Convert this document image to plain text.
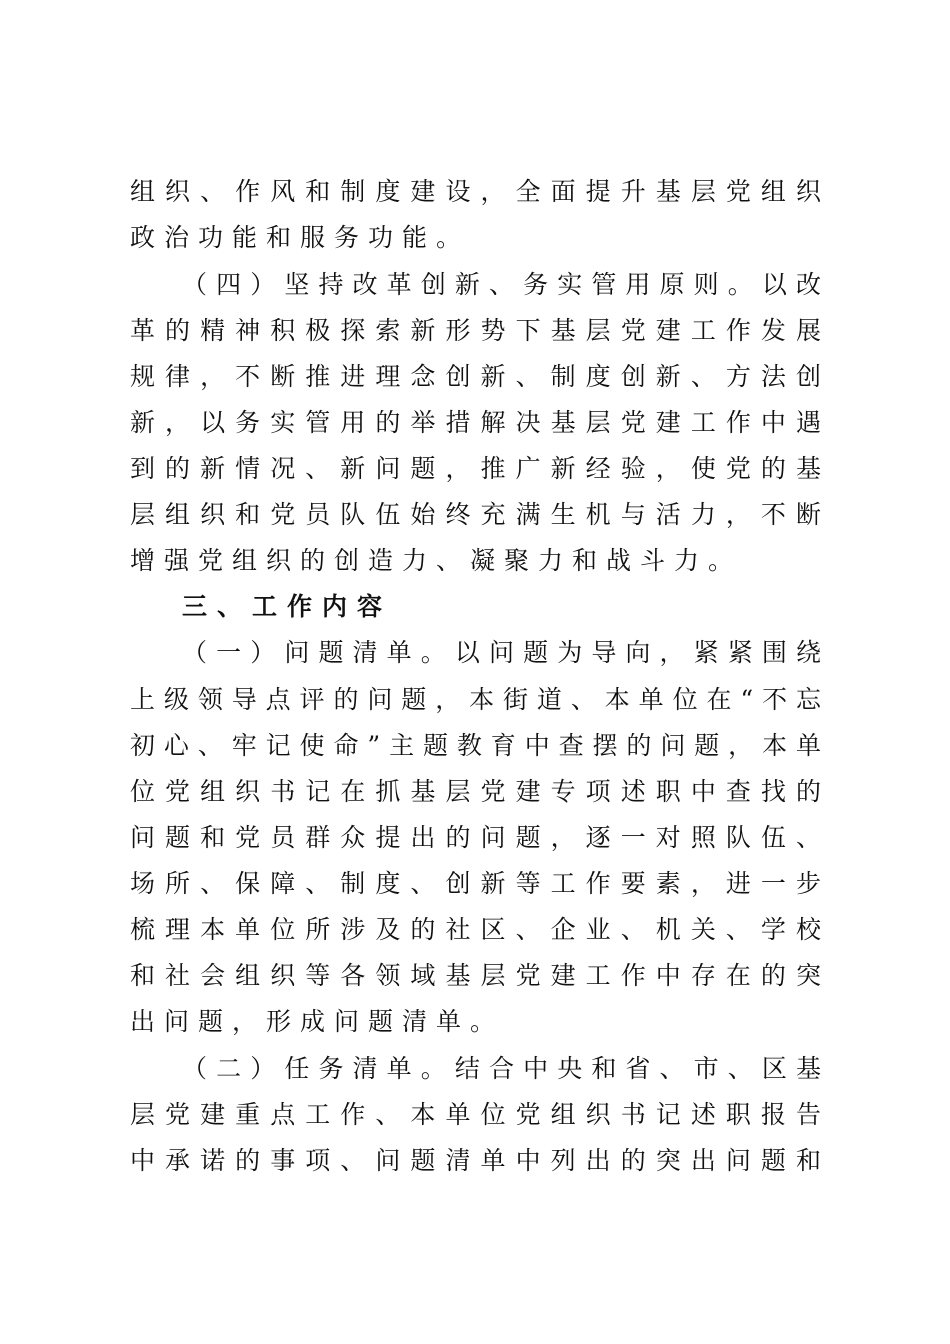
组织、作风和制度建设，全面提升基层党组织
政治功能和服务功能。
（四）坚持改革创新、务实管用原则。以改
革的精神积极探索新形势下基层党建工作发展
规律，不断推进理念创新、制度创新、方法创
新，以务实管用的举措解决基层党建工作中遇
到的新情况、新问题，推广新经验，使党的基
层组织和党员队伍始终充满生机与活力，不断
增强党组织的创造力、凝聚力和战斗力。
三、工作内容
（一）问题清单。以问题为导向，紧紧围绕
上级领导点评的问题，本街道、本单位在“不忘
初心、牢记使命”主题教育中查摆的问题，本单
位党组织书记在抓基层党建专项述职中查找的
问题和党员群众提出的问题，逐一对照队伍、
场所、保障、制度、创新等工作要素，进一步
梳理本单位所涉及的社区、企业、机关、学校
和社会组织等各领域基层党建工作中存在的突
出问题，形成问题清单。
（二）任务清单。结合中央和省、市、区基
层党建重点工作、本单位党组织书记述职报告
中承诺的事项、问题清单中列出的突出问题和
